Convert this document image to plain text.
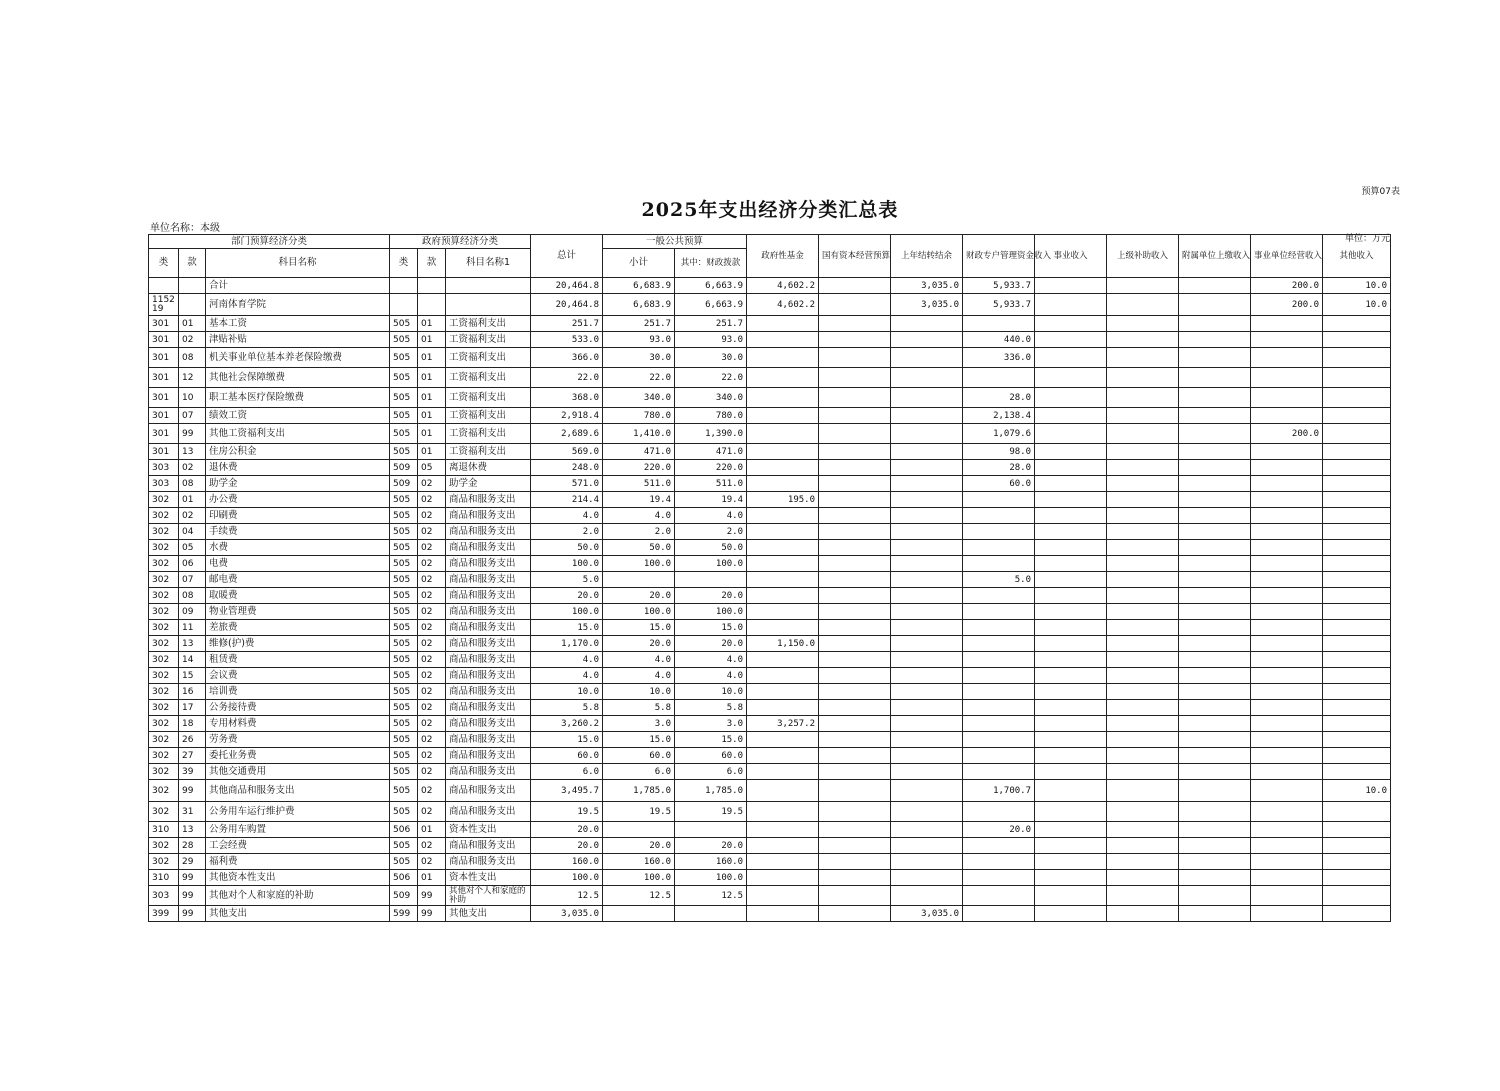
预算07表
2025年支出经济分类汇总表
单位名称：本级
单位：万元
部门预算经济分类			政府预算经济分类			总计	一般公共预算		政府性基金	国有资本经营预算	上年结转结余	财政专户管理资金收入	事业收入	上级补助收入	附属单位上缴收入	事业单位经营收入	其他收入
类	款	科目名称	类	款	科目名称1		小计	其中：财政拨款									
		合计				20,464.8	6,683.9	6,663.9	4,602.2		3,035.0	5,933.7				200.0	10.0
115219		河南体育学院				20,464.8	6,683.9	6,663.9	4,602.2		3,035.0	5,933.7				200.0	10.0
301	01	基本工资	505	01	工资福利支出	251.7	251.7	251.7									
301	02	津贴补贴	505	01	工资福利支出	533.0	93.0	93.0				440.0					
301	08	机关事业单位基本养老保险缴费	505	01	工资福利支出	366.0	30.0	30.0				336.0					
301	12	其他社会保障缴费	505	01	工资福利支出	22.0	22.0	22.0									
301	10	职工基本医疗保险缴费	505	01	工资福利支出	368.0	340.0	340.0				28.0					
301	07	绩效工资	505	01	工资福利支出	2,918.4	780.0	780.0				2,138.4					
301	99	其他工资福利支出	505	01	工资福利支出	2,689.6	1,410.0	1,390.0				1,079.6				200.0	
301	13	住房公积金	505	01	工资福利支出	569.0	471.0	471.0				98.0					
303	02	退休费	509	05	离退休费	248.0	220.0	220.0				28.0					
303	08	助学金	509	02	助学金	571.0	511.0	511.0				60.0					
302	01	办公费	505	02	商品和服务支出	214.4	19.4	19.4	195.0								
302	02	印刷费	505	02	商品和服务支出	4.0	4.0	4.0									
302	04	手续费	505	02	商品和服务支出	2.0	2.0	2.0									
302	05	水费	505	02	商品和服务支出	50.0	50.0	50.0									
302	06	电费	505	02	商品和服务支出	100.0	100.0	100.0									
302	07	邮电费	505	02	商品和服务支出	5.0						5.0					
302	08	取暖费	505	02	商品和服务支出	20.0	20.0	20.0									
302	09	物业管理费	505	02	商品和服务支出	100.0	100.0	100.0									
302	11	差旅费	505	02	商品和服务支出	15.0	15.0	15.0									
302	13	维修(护)费	505	02	商品和服务支出	1,170.0	20.0	20.0	1,150.0								
302	14	租赁费	505	02	商品和服务支出	4.0	4.0	4.0									
302	15	会议费	505	02	商品和服务支出	4.0	4.0	4.0									
302	16	培训费	505	02	商品和服务支出	10.0	10.0	10.0									
302	17	公务接待费	505	02	商品和服务支出	5.8	5.8	5.8									
302	18	专用材料费	505	02	商品和服务支出	3,260.2	3.0	3.0	3,257.2								
302	26	劳务费	505	02	商品和服务支出	15.0	15.0	15.0									
302	27	委托业务费	505	02	商品和服务支出	60.0	60.0	60.0									
302	39	其他交通费用	505	02	商品和服务支出	6.0	6.0	6.0									
302	99	其他商品和服务支出	505	02	商品和服务支出	3,495.7	1,785.0	1,785.0				1,700.7					10.0
302	31	公务用车运行维护费	505	02	商品和服务支出	19.5	19.5	19.5									
310	13	公务用车购置	506	01	资本性支出	20.0						20.0					
302	28	工会经费	505	02	商品和服务支出	20.0	20.0	20.0									
302	29	福利费	505	02	商品和服务支出	160.0	160.0	160.0									
310	99	其他资本性支出	506	01	资本性支出	100.0	100.0	100.0									
303	99	其他对个人和家庭的补助	509	99	其他对个人和家庭的补助	12.5	12.5	12.5									
399	99	其他支出	599	99	其他支出	3,035.0					3,035.0						
